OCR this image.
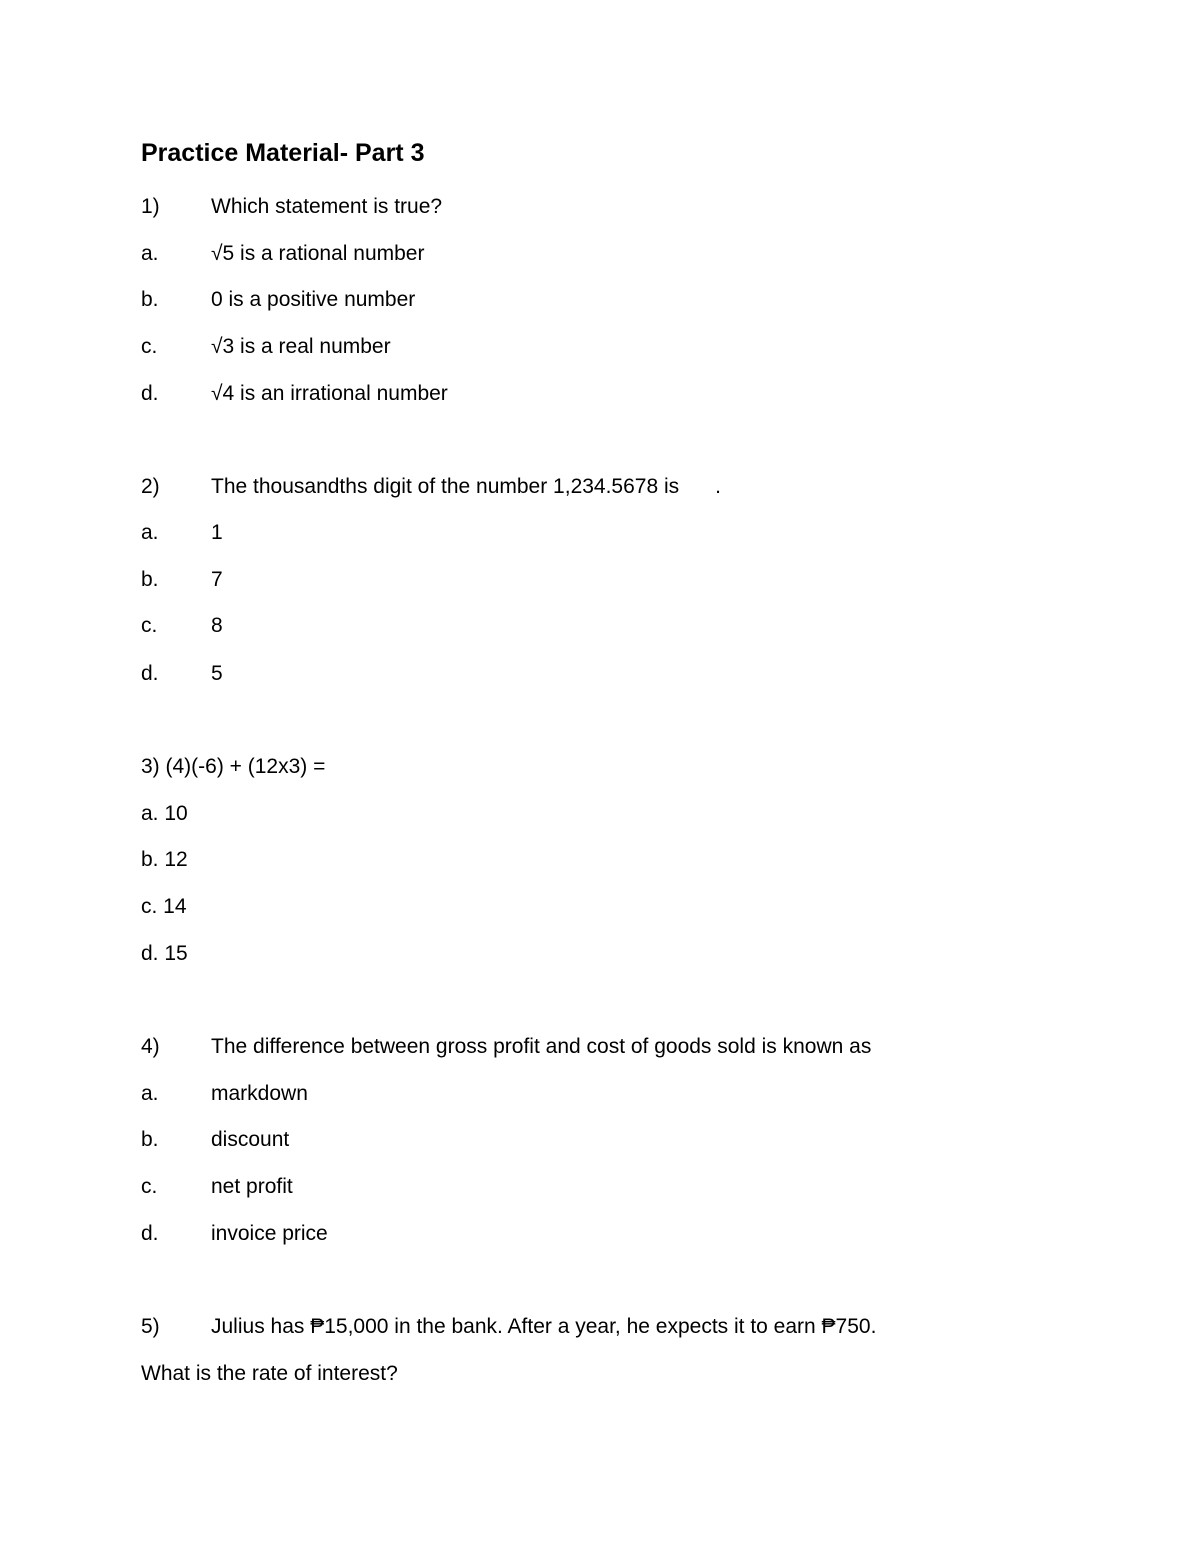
Practice Material- Part 3
1) Which statement is true?
a. √5 is a rational number
b. 0 is a positive number
c.	√3 is a real number
d. √4 is an irrational number
2) The thousandths digit of the number 1,234.5678 is .
a. 1
b. 7
c.	8
d. 5
3) (4)(-6) + (12x3) =
a. 10
b. 12
c. 14
d. 15
4) The difference between gross profit and cost of goods sold is known as
a. markdown
b. discount
c.	net profit
d. invoice price
5) Julius has ₱15,000 in the bank. After a year, he expects it to earn ₱750.
What is the rate of interest?
